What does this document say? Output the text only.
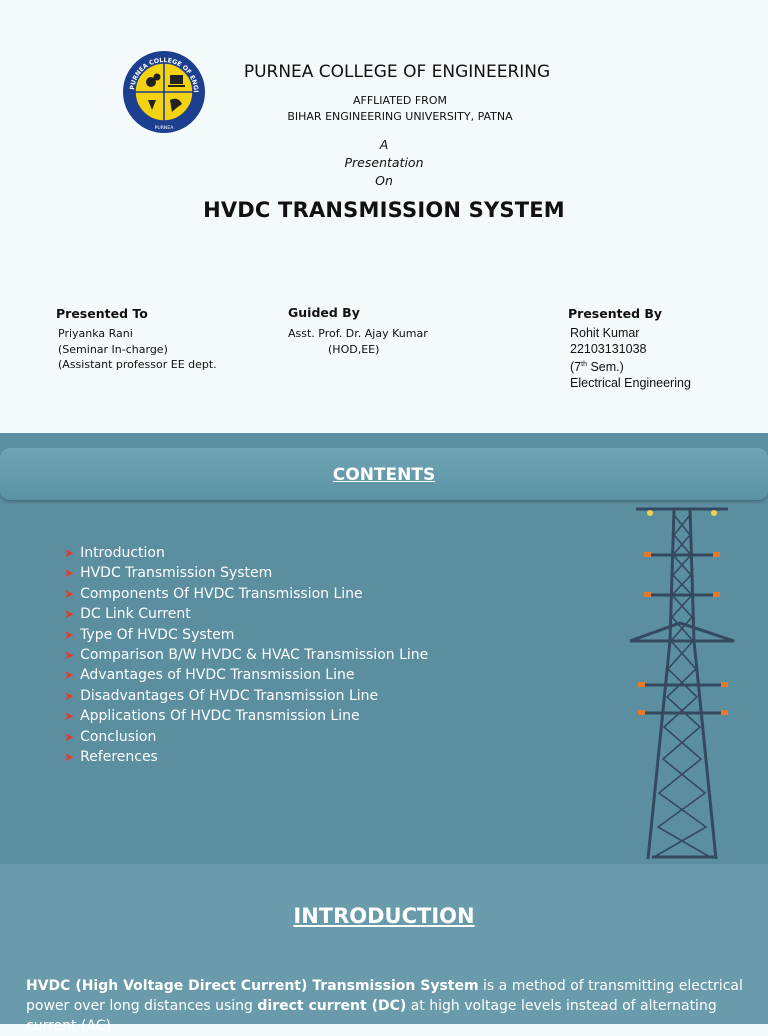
PURNEA COLLEGE OF ENGI
PURNEA
PURNEA COLLEGE OF ENGINEERING
AFFLIATED FROM
BIHAR ENGINEERING UNIVERSITY, PATNA
A
Presentation
On
HVDC TRANSMISSION SYSTEM
Presented To
Priyanka Rani
(Seminar In-charge)
(Assistant professor EE dept.
Guided By
Asst. Prof. Dr. Ajay Kumar
(HOD,EE)
Presented By
Rohit Kumar
22103131038
(7th Sem.)
Electrical Engineering
CONTENTS
➤ Introduction
➤ HVDC Transmission System
➤ Components Of HVDC Transmission Line
➤ DC Link Current
➤ Type Of HVDC System
➤ Comparison B/W HVDC & HVAC Transmission Line
➤ Advantages of HVDC Transmission Line
➤ Disadvantages Of HVDC Transmission Line
➤ Applications Of HVDC Transmission Line
➤ Conclusion
➤ References
INTRODUCTION
HVDC (High Voltage Direct Current) Transmission System is a method of transmitting electrical power over long distances using direct current (DC) at high voltage levels instead of alternating current (AC).
